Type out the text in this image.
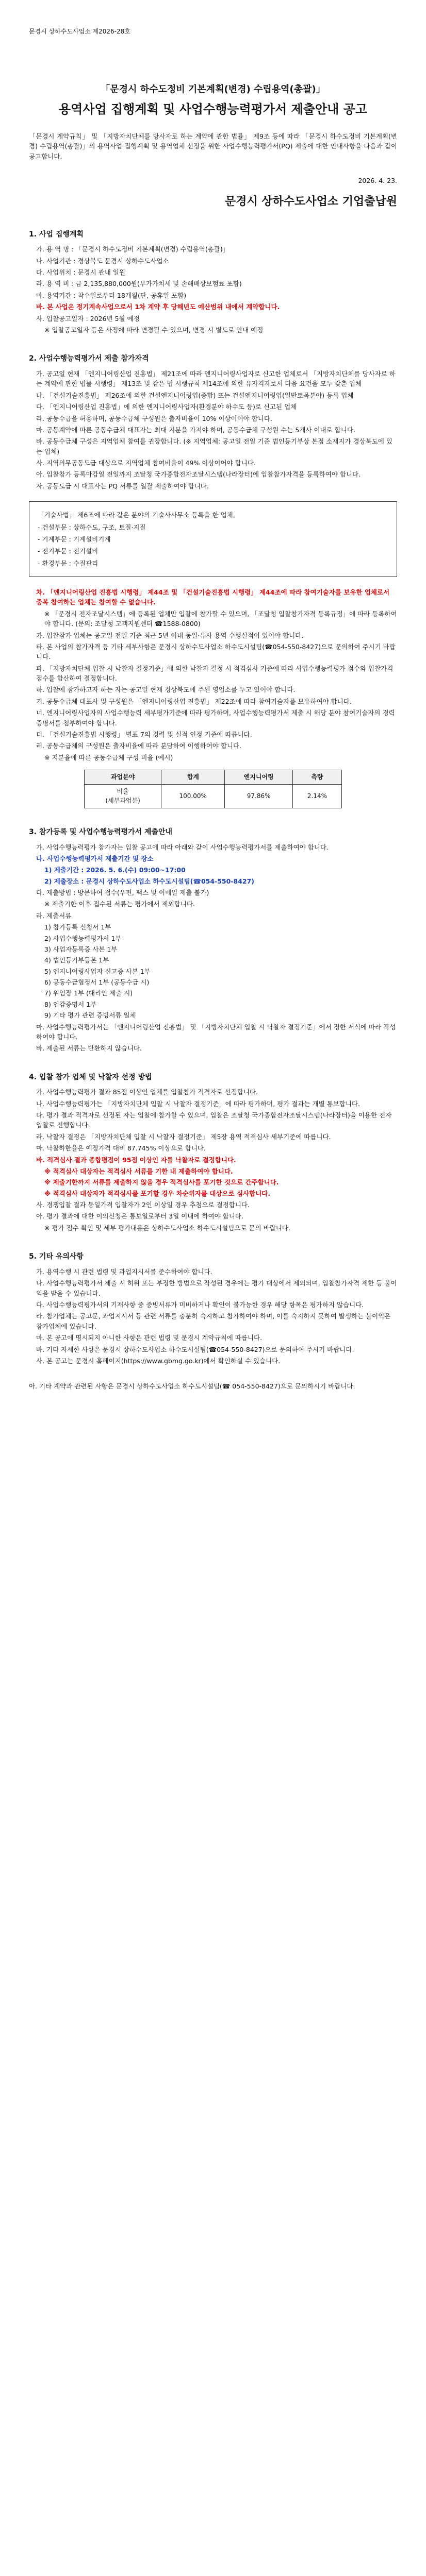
문경시 상하수도사업소 제2026-28호
「문경시 하수도정비 기본계획(변경) 수립용역(총괄)」
용역사업 집행계획 및 사업수행능력평가서 제출안내 공고
「문경시 계약규칙」 및 「지방자치단체를 당사자로 하는 계약에 관한 법률」 제9조 등에 따라 「문경시 하수도정비 기본계획(변경) 수립용역(총괄)」의 용역사업 집행계획 및 용역업체 선정을 위한 사업수행능력평가서(PQ) 제출에 대한 안내사항을 다음과 같이 공고합니다.
2026. 4. 23.
문경시 상하수도사업소 기업출납원
1. 사업 집행계획
가. 용 역 명 : 「문경시 하수도정비 기본계획(변경) 수립용역(총괄)」
나. 사업기관 : 경상북도 문경시 상하수도사업소
다. 사업위치 : 문경시 관내 일원
라. 용 역 비 : 금 2,135,880,000원(부가가치세 및 손해배상보험료 포함)
마. 용역기간 : 착수일로부터 18개월(단, 공휴일 포함)
바. 본 사업은 정기계속사업으로서 1차 계약 후 당해년도 예산범위 내에서 계약합니다.
사. 입찰공고일자 : 2026년 5월 예정
※ 입찰공고일자 등은 사정에 따라 변경될 수 있으며, 변경 시 별도로 안내 예정
2. 사업수행능력평가서 제출 참가자격
가. 공고일 현재 「엔지니어링산업 진흥법」 제21조에 따라 엔지니어링사업자로 신고한 업체로서 「지방자치단체를 당사자로 하는 계약에 관한 법률 시행령」 제13조 및 같은 법 시행규칙 제14조에 의한 유자격자로서 다음 요건을 모두 갖춘 업체
나. 「건설기술진흥법」 제26조에 의한 건설엔지니어링업(종합) 또는 건설엔지니어링업(일반토목분야) 등록 업체
다. 「엔지니어링산업 진흥법」에 의한 엔지니어링사업자(환경분야 하수도 등)로 신고된 업체
라. 공동수급을 허용하며, 공동수급체 구성원은 출자비율이 10% 이상이어야 합니다.
마. 공동계약에 따른 공동수급체 대표자는 최대 지분을 가져야 하며, 공동수급체 구성원 수는 5개사 이내로 합니다.
바. 공동수급체 구성은 지역업체 참여를 권장합니다. (※ 지역업체: 공고일 전일 기준 법인등기부상 본점 소재지가 경상북도에 있는 업체)
사. 지역의무공동도급 대상으로 지역업체 참여비율이 49% 이상이어야 합니다.
아. 입찰참가 등록마감일 전일까지 조달청 국가종합전자조달시스템(나라장터)에 입찰참가자격을 등록하여야 합니다.
자. 공동도급 시 대표사는 PQ 서류를 일괄 제출하여야 합니다.
「기술사법」 제6조에 따라 같은 분야의 기술사사무소 등록을 한 업체,
- 건설부문 : 상하수도, 구조, 토질·지질
- 기계부문 : 기계설비기계
- 전기부문 : 전기설비
- 환경부문 : 수질관리
차. 「엔지니어링산업 진흥법 시행령」 제44조 및 「건설기술진흥법 시행령」 제44조에 따라 참여기술자를 보유한 업체로서 중복 참여하는 업체는 참여할 수 없습니다.
※ 「문경시 전자조달시스템」에 등록된 업체만 입찰에 참가할 수 있으며, 「조달청 입찰참가자격 등록규정」에 따라 등록하여야 합니다. (문의: 조달청 고객지원센터 ☎1588-0800)
카. 입찰참가 업체는 공고일 전일 기준 최근 5년 이내 동일·유사 용역 수행실적이 있어야 합니다.
타. 본 사업의 참가자격 등 기타 세부사항은 문경시 상하수도사업소 하수도시설팀(☎054-550-8427)으로 문의하여 주시기 바랍니다.
파. 「지방자치단체 입찰 시 낙찰자 결정기준」에 의한 낙찰자 결정 시 적격심사 기준에 따라 사업수행능력평가 점수와 입찰가격 점수를 합산하여 결정합니다.
하. 입찰에 참가하고자 하는 자는 공고일 현재 경상북도에 주된 영업소를 두고 있어야 합니다.
거. 공동수급체 대표사 및 구성원은 「엔지니어링산업 진흥법」 제22조에 따라 참여기술자를 보유하여야 합니다.
너. 엔지니어링사업자의 사업수행능력 세부평가기준에 따라 평가하며, 사업수행능력평가서 제출 시 해당 분야 참여기술자의 경력증명서를 첨부하여야 합니다.
더. 「건설기술진흥법 시행령」 별표 7의 경력 및 실적 인정 기준에 따릅니다.
러. 공동수급체의 구성원은 출자비율에 따라 분담하여 이행하여야 합니다.
※ 지분율에 따른 공동수급체 구성 비율 (예시)
과업분야	합계	엔지니어링	측량
비율
(세부과업분)	100.00%	97.86%	2.14%
3. 참가등록 및 사업수행능력평가서 제출안내
가. 사업수행능력평가 참가자는 입찰 공고에 따라 아래와 같이 사업수행능력평가서를 제출하여야 합니다.
나. 사업수행능력평가서 제출기간 및 장소
1) 제출기간 : 2026. 5. 6.(수) 09:00~17:00
2) 제출장소 : 문경시 상하수도사업소 하수도시설팀(☎054-550-8427)
다. 제출방법 : 방문하여 접수(우편, 팩스 및 이메일 제출 불가)
※ 제출기한 이후 접수된 서류는 평가에서 제외합니다.
라. 제출서류
1) 참가등록 신청서 1부
2) 사업수행능력평가서 1부
3) 사업자등록증 사본 1부
4) 법인등기부등본 1부
5) 엔지니어링사업자 신고증 사본 1부
6) 공동수급협정서 1부 (공동수급 시)
7) 위임장 1부 (대리인 제출 시)
8) 인감증명서 1부
9) 기타 평가 관련 증빙서류 일체
마. 사업수행능력평가서는 「엔지니어링산업 진흥법」 및 「지방자치단체 입찰 시 낙찰자 결정기준」에서 정한 서식에 따라 작성하여야 합니다.
바. 제출된 서류는 반환하지 않습니다.
4. 입찰 참가 업체 및 낙찰자 선정 방법
가. 사업수행능력평가 결과 85점 이상인 업체를 입찰참가 적격자로 선정합니다.
나. 사업수행능력평가는 「지방자치단체 입찰 시 낙찰자 결정기준」에 따라 평가하며, 평가 결과는 개별 통보합니다.
다. 평가 결과 적격자로 선정된 자는 입찰에 참가할 수 있으며, 입찰은 조달청 국가종합전자조달시스템(나라장터)을 이용한 전자입찰로 진행합니다.
라. 낙찰자 결정은 「지방자치단체 입찰 시 낙찰자 결정기준」 제5장 용역 적격심사 세부기준에 따릅니다.
마. 낙찰하한율은 예정가격 대비 87.745% 이상으로 합니다.
바. 적격심사 결과 종합평점이 95점 이상인 자를 낙찰자로 결정합니다.
※ 적격심사 대상자는 적격심사 서류를 기한 내 제출하여야 합니다.
※ 제출기한까지 서류를 제출하지 않을 경우 적격심사를 포기한 것으로 간주합니다.
※ 적격심사 대상자가 적격심사를 포기할 경우 차순위자를 대상으로 심사합니다.
사. 경쟁입찰 결과 동일가격 입찰자가 2인 이상일 경우 추첨으로 결정합니다.
아. 평가 결과에 대한 이의신청은 통보일로부터 3일 이내에 하여야 합니다.
※ 평가 점수 확인 및 세부 평가내용은 상하수도사업소 하수도시설팀으로 문의 바랍니다.
5. 기타 유의사항
가. 용역수행 시 관련 법령 및 과업지시서를 준수하여야 합니다.
나. 사업수행능력평가서 제출 시 허위 또는 부정한 방법으로 작성된 경우에는 평가 대상에서 제외되며, 입찰참가자격 제한 등 불이익을 받을 수 있습니다.
다. 사업수행능력평가서의 기재사항 중 증빙서류가 미비하거나 확인이 불가능한 경우 해당 항목은 평가하지 않습니다.
라. 참가업체는 공고문, 과업지시서 등 관련 서류를 충분히 숙지하고 참가하여야 하며, 이를 숙지하지 못하여 발생하는 불이익은 참가업체에 있습니다.
마. 본 공고에 명시되지 아니한 사항은 관련 법령 및 문경시 계약규칙에 따릅니다.
바. 기타 자세한 사항은 문경시 상하수도사업소 하수도시설팀(☎054-550-8427)으로 문의하여 주시기 바랍니다.
사. 본 공고는 문경시 홈페이지(https://www.gbmg.go.kr)에서 확인하실 수 있습니다.
아. 기타 계약과 관련된 사항은 문경시 상하수도사업소 하수도시설팀(☎ 054-550-8427)으로 문의하시기 바랍니다.
